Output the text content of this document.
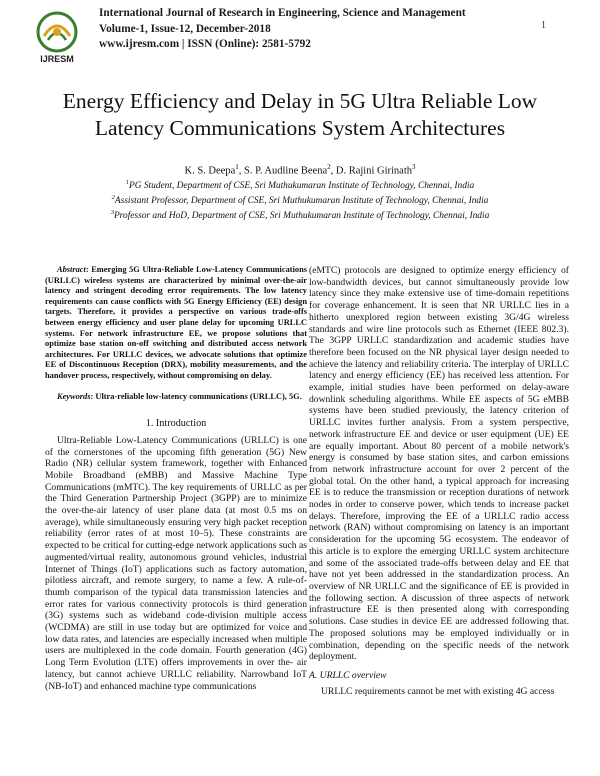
IJRESM
International Journal of Research in Engineering, Science and Management
Volume-1, Issue-12, December-2018
www.ijresm.com | ISSN (Online): 2581-5792
1
Energy Efficiency and Delay in 5G Ultra Reliable Low Latency Communications System Architectures
K. S. Deepa$^1$, S. P. Audline Beena$^2$, D. Rajini Girinath$^3$
$^1$PG Student, Department of CSE, Sri Muthukumaran Institute of Technology, Chennai, India
$^2$Assistant Professor, Department of CSE, Sri Muthukumaran Institute of Technology, Chennai, India
$^3$Professor and HoD, Department of CSE, Sri Muthukumaran Institute of Technology, Chennai, India

Abstract: Emerging 5G Ultra-Reliable Low-Latency Communications (URLLC) wireless systems are characterized by minimal over-the-air latency and stringent decoding error requirements. The low latency requirements can cause conflicts with 5G Energy Efficiency (EE) design targets. Therefore, it provides a perspective on various trade-offs between energy efficiency and user plane delay for upcoming URLLC systems. For network infrastructure EE, we propose solutions that optimize base station on-off switching and distributed access network architectures. For URLLC devices, we advocate solutions that optimize EE of Discontinuous Reception (DRX), mobility measurements, and the handover process, respectively, without compromising on delay.

Keywords: Ultra-reliable low-latency communications (URLLC), 5G.

1. Introduction

Ultra-Reliable Low-Latency Communications (URLLC) is one of the cornerstones of the upcoming fifth generation (5G) New Radio (NR) cellular system framework, together with Enhanced Mobile Broadband (eMBB) and Massive Machine Type Communications (mMTC). The key requirements of URLLC as per the Third Generation Partnership Project (3GPP) are to minimize the over-the-air latency of user plane data (at most 0.5 ms on average), while simultaneously ensuring very high packet reception reliability (error rates of at most 10–5). These constraints are expected to be critical for cutting-edge network applications such as augmented/virtual reality, autonomous ground vehicles, industrial Internet of Things (IoT) applications such as factory automation, pilotless aircraft, and remote surgery, to name a few. A rule-of-thumb comparison of the typical data transmission latencies and error rates for various connectivity protocols is third generation (3G) systems such as wideband code-division multiple access (WCDMA) are still in use today but are optimized for voice and low data rates, and latencies are especially increased when multiple users are multiplexed in the code domain. Fourth generation (4G) Long Term Evolution (LTE) offers improvements in over the- air latency, but cannot achieve URLLC reliability. Narrowband IoT (NB-IoT) and enhanced machine type communications

(eMTC) protocols are designed to optimize energy efficiency of low-bandwidth devices, but cannot simultaneously provide low latency since they make extensive use of time-domain repetitions for coverage enhancement. It is seen that NR URLLC lies in a hitherto unexplored region between existing 3G/4G wireless standards and wire line protocols such as Ethernet (IEEE 802.3). The 3GPP URLLC standardization and academic studies have therefore been focused on the NR physical layer design needed to achieve the latency and reliability criteria. The interplay of URLLC latency and energy efficiency (EE) has received less attention. For example, initial studies have been performed on delay-aware downlink scheduling algorithms. While EE aspects of 5G eMBB systems have been studied previously, the latency criterion of URLLC invites further analysis. From a system perspective, network infrastructure EE and device or user equipment (UE) EE are equally important. About 80 percent of a mobile network's energy is consumed by base station sites, and carbon emissions from network infrastructure account for over 2 percent of the global total. On the other hand, a typical approach for increasing EE is to reduce the transmission or reception durations of network nodes in order to conserve power, which tends to increase packet delays. Therefore, improving the EE of a URLLC radio access network (RAN) without compromising on latency is an important consideration for the upcoming 5G ecosystem. The endeavor of this article is to explore the emerging URLLC system architecture and some of the associated trade-offs between delay and EE that have not yet been addressed in the standardization process. An overview of NR URLLC and the significance of EE is provided in the following section. A discussion of three aspects of network infrastructure EE is then presented along with corresponding solutions. Case studies in device EE are addressed following that. The proposed solutions may be employed individually or in combination, depending on the specific needs of the network deployment.

A. URLLC overview

URLLC requirements cannot be met with existing 4G access
